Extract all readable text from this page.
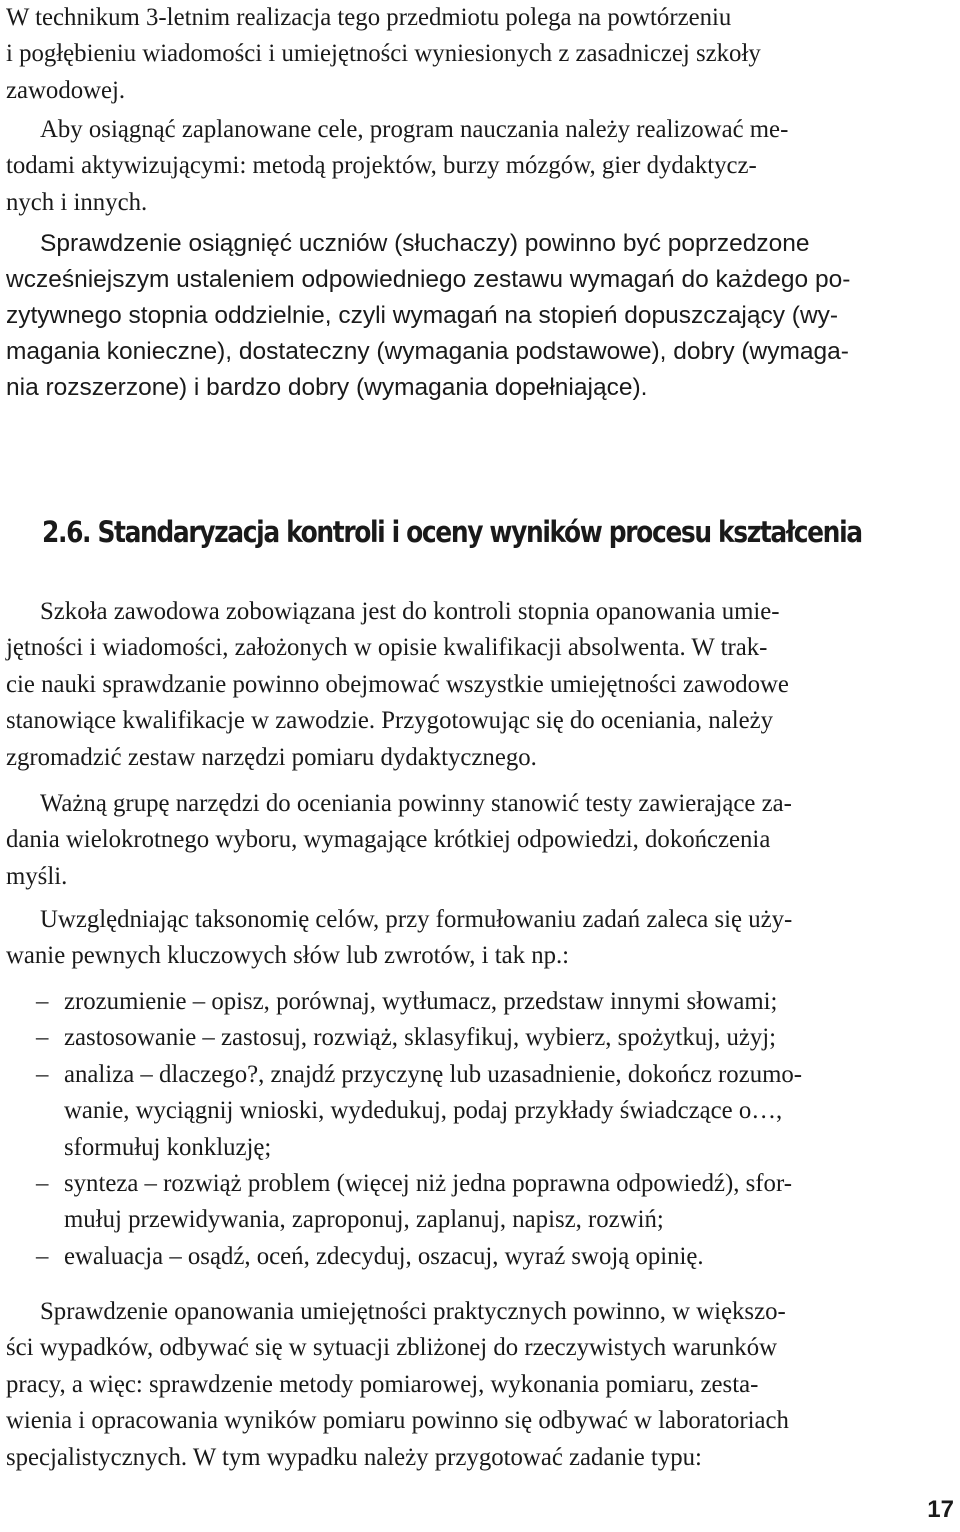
W technikum 3-letnim realizacja tego przedmiotu polega na powtórzeniu
i pogłębieniu wiadomości i umiejętności wyniesionych z zasadniczej szkoły
zawodowej.

Aby osiągnąć zaplanowane cele, program nauczania należy realizować me-
todami aktywizującymi: metodą projektów, burzy mózgów, gier dydaktycz-
nych i innych.

Sprawdzenie osiągnięć uczniów (słuchaczy) powinno być poprzedzone
wcześniejszym ustaleniem odpowiedniego zestawu wymagań do każdego po-
zytywnego stopnia oddzielnie, czyli wymagań na stopień dopuszczający (wy-
magania konieczne), dostateczny (wymagania podstawowe), dobry (wymaga-
nia rozszerzone) i bardzo dobry (wymagania dopełniające).

2.6. Standaryzacja kontroli i oceny wyników procesu kształcenia

Szkoła zawodowa zobowiązana jest do kontroli stopnia opanowania umie-
jętności i wiadomości, założonych w opisie kwalifikacji absolwenta. W trak-
cie nauki sprawdzanie powinno obejmować wszystkie umiejętności zawodowe
stanowiące kwalifikacje w zawodzie. Przygotowując się do oceniania, należy
zgromadzić zestaw narzędzi pomiaru dydaktycznego.

Ważną grupę narzędzi do oceniania powinny stanowić testy zawierające za-
dania wielokrotnego wyboru, wymagające krótkiej odpowiedzi, dokończenia
myśli.

Uwzględniając taksonomię celów, przy formułowaniu zadań zaleca się uży-
wanie pewnych kluczowych słów lub zwrotów, i tak np.:

– zrozumienie – opisz, porównaj, wytłumacz, przedstaw innymi słowami;
– zastosowanie – zastosuj, rozwiąż, sklasyfikuj, wybierz, spożytkuj, użyj;
– analiza – dlaczego?, znajdź przyczynę lub uzasadnienie, dokończ rozumo-
wanie, wyciągnij wnioski, wydedukuj, podaj przykłady świadczące o…,
sformułuj konkluzję;
– synteza – rozwiąż problem (więcej niż jedna poprawna odpowiedź), sfor-
mułuj przewidywania, zaproponuj, zaplanuj, napisz, rozwiń;
– ewaluacja – osądź, oceń, zdecyduj, oszacuj, wyraź swoją opinię.

Sprawdzenie opanowania umiejętności praktycznych powinno, w większo-
ści wypadków, odbywać się w sytuacji zbliżonej do rzeczywistych warunków
pracy, a więc: sprawdzenie metody pomiarowej, wykonania pomiaru, zesta-
wienia i opracowania wyników pomiaru powinno się odbywać w laboratoriach
specjalistycznych. W tym wypadku należy przygotować zadanie typu:

17
